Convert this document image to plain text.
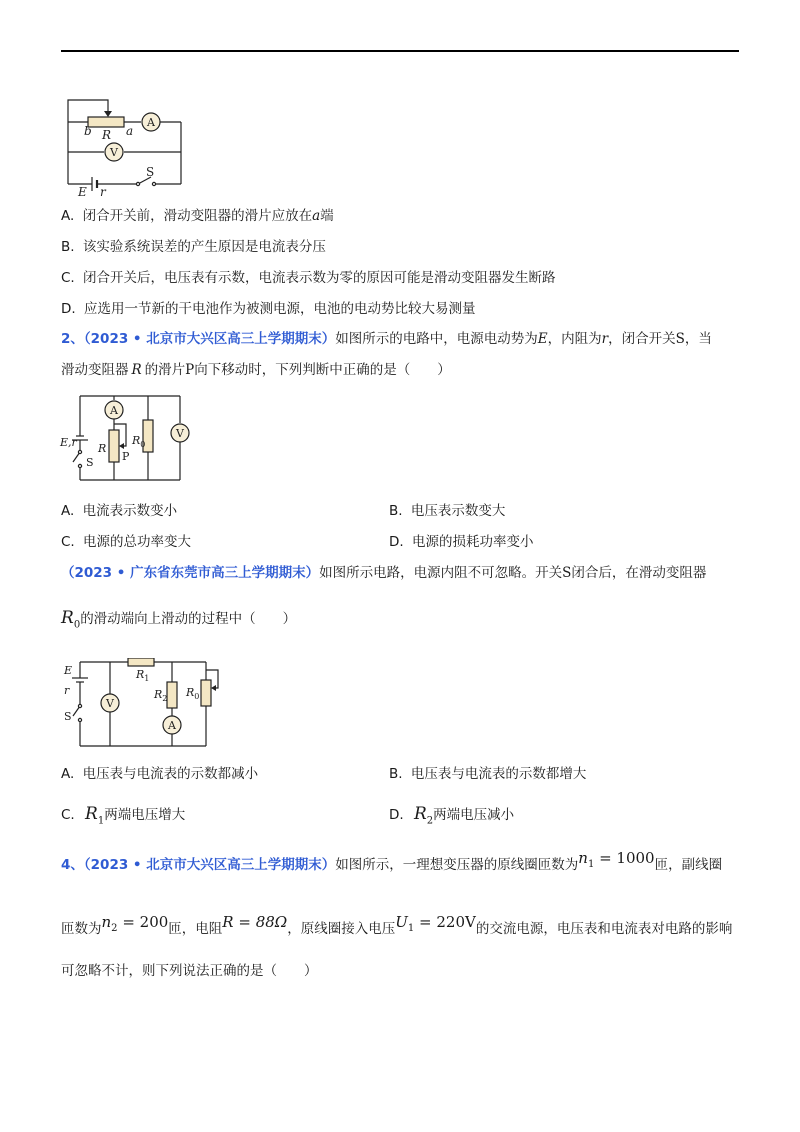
b R a
E r
S
A
V
A. 闭合开关前，滑动变阻器的滑片应放在a端
B. 该实验系统误差的产生原因是电流表分压
C. 闭合开关后，电压表有示数，电流表示数为零的原因可能是滑动变阻器发生断路
D. 应选用一节新的干电池作为被测电源，电池的电动势比较大易测量
2、（2023 • 北京市大兴区高三上学期期末）如图所示的电路中，电源电动势为E，内阻为r，闭合开关S，当
滑动变阻器 R 的滑片P向下移动时，下列判断中正确的是（　　）
A
V
E,r
S
R
P
$R_0$
A. 电流表示数变小	B. 电压表示数变大
C. 电源的总功率变大	D. 电源的损耗功率变小
（2023 • 广东省东莞市高三上学期期末）如图所示电路，电源内阻不可忽略。开关S闭合后，在滑动变阻器
$R_0$的滑动端向上滑动的过程中（　　）
E
r
S
V
A
$R_1$
$R_2$ $R_0$
A. 电压表与电流表的示数都减小	B. 电压表与电流表的示数都增大
C. $R_1$两端电压增大	D. $R_2$两端电压减小
4、（2023 • 北京市大兴区高三上学期期末）如图所示，一理想变压器的原线圈匝数为$n_1 = 1000$匝，副线圈
匝数为$n_2 = 200$匝，电阻R = 88Ω，原线圈接入电压$U_1 = 220V$的交流电源，电压表和电流表对电路的影响
可忽略不计，则下列说法正确的是（　　）
